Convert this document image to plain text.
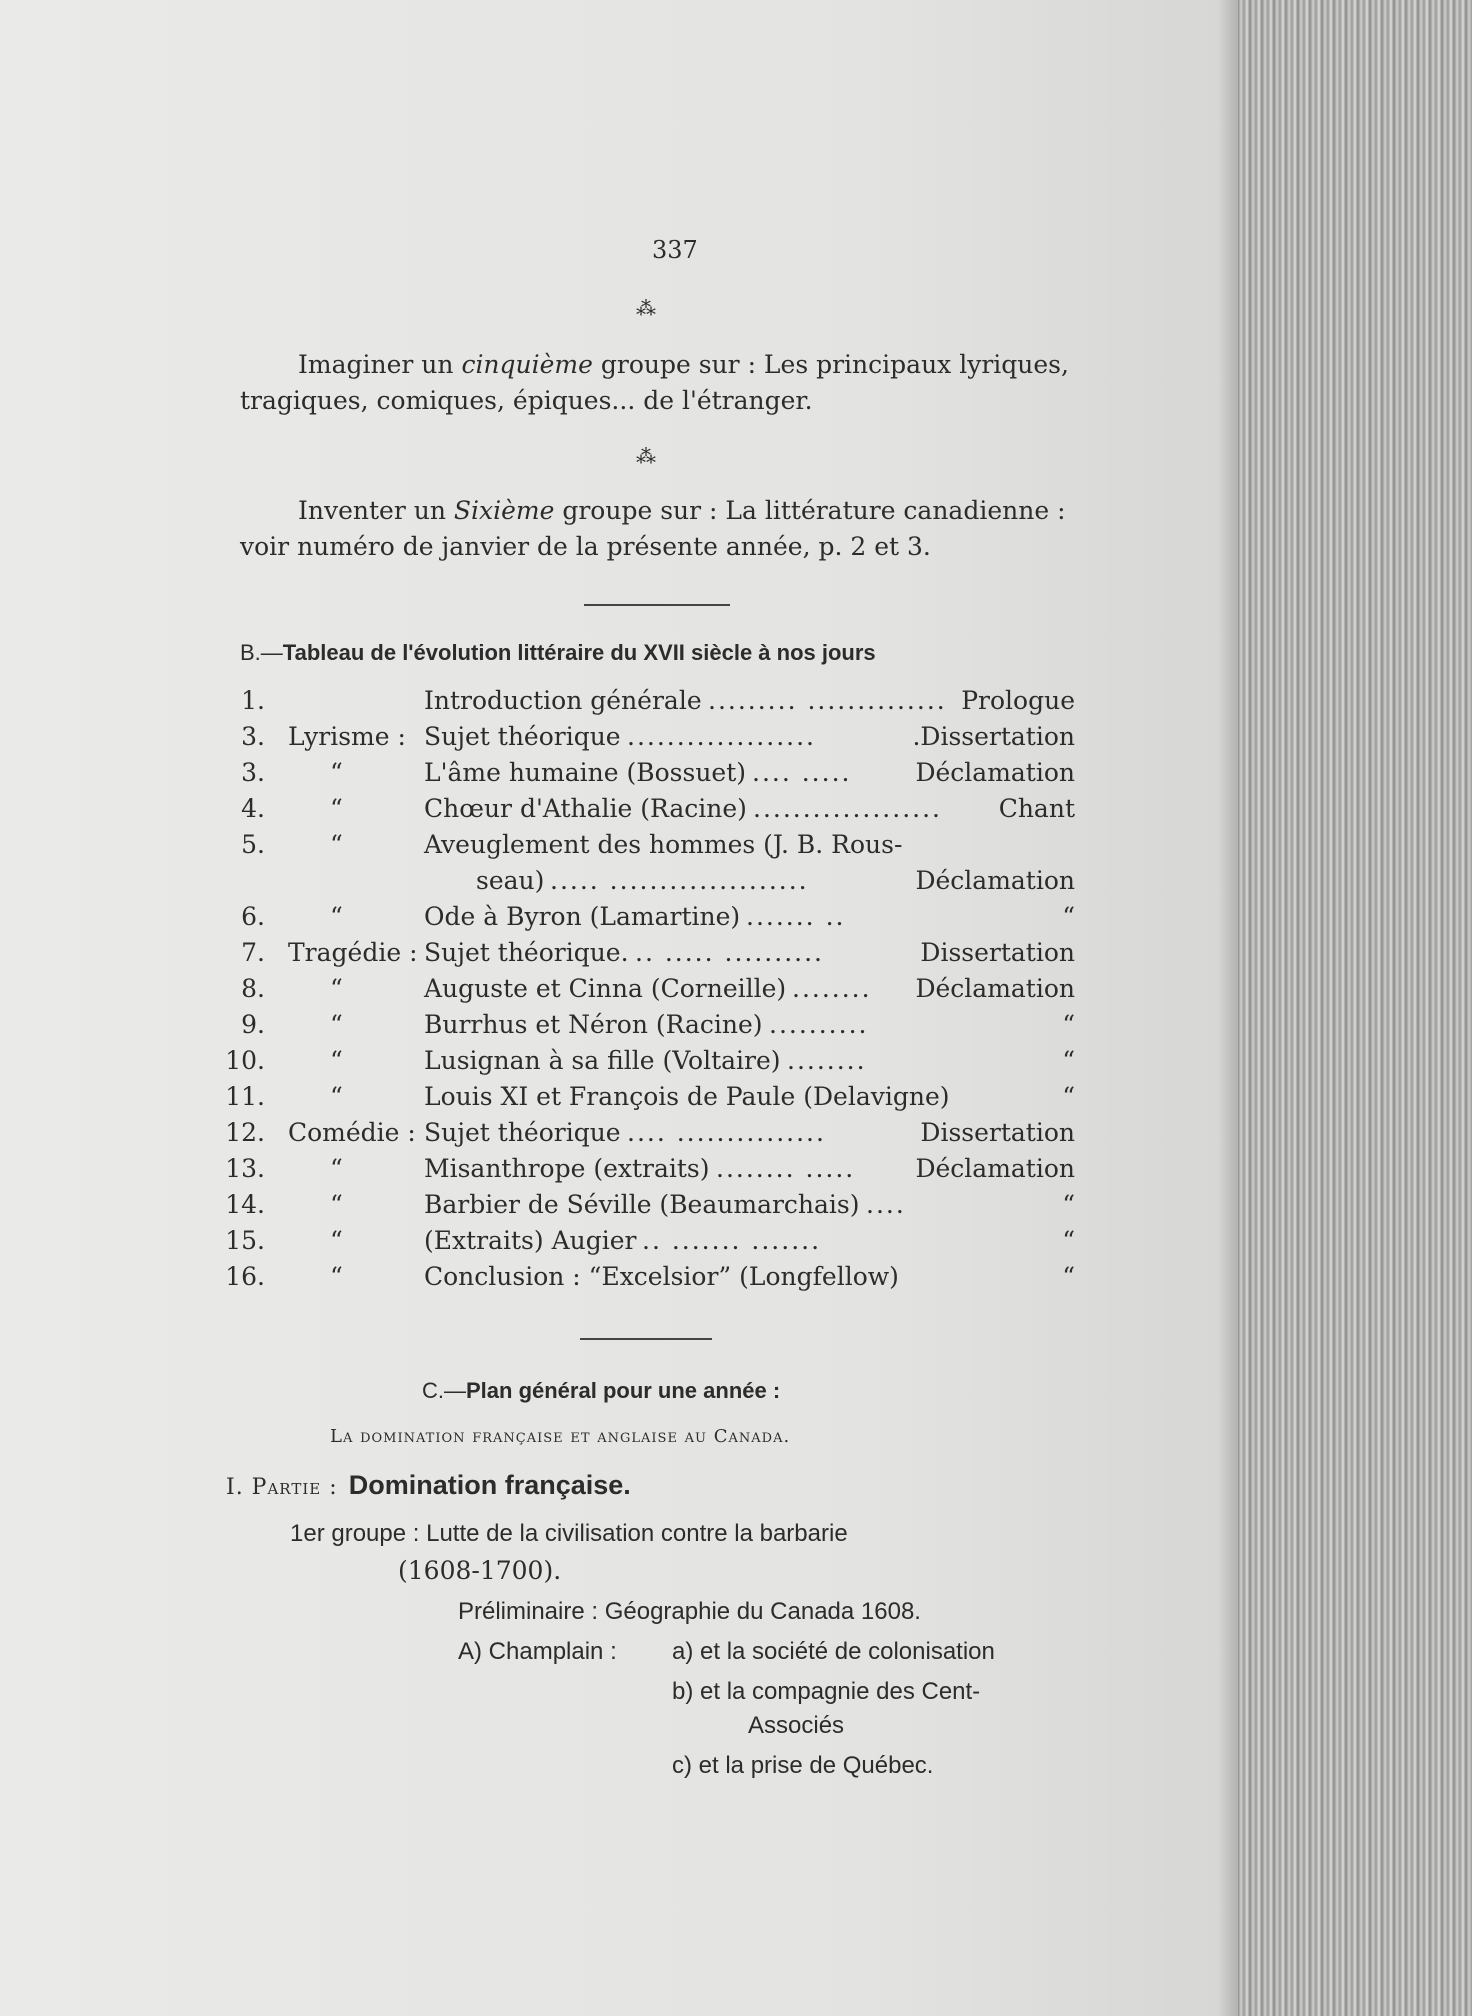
337
⁂
Imaginer un cinquième groupe sur : Les principaux lyriques,
tragiques, comiques, épiques... de l'étranger.
⁂
Inventer un Sixième groupe sur : La littérature canadienne :
voir numéro de janvier de la présente année, p. 2 et 3.
B.—Tableau de l'évolution littéraire du XVII siècle à nos jours
1.	Introduction générale ......... .............. Prologue
3. Lyrisme : Sujet théorique ...................	.Dissertation
3.	“	L'âme humaine (Bossuet) .... .....	Déclamation
4.	“	Chœur d'Athalie (Racine) ................... Chant
5.	“	Aveuglement des hommes (J. B. Rous-
seau) ..... ....................	Déclamation
6.	“	Ode à Byron (Lamartine) ....... ..	“
7. Tragédie : Sujet théorique. .. ..... ..........	Dissertation
8.	“	Auguste et Cinna (Corneille) ........ Déclamation
9.	“	Burrhus et Néron (Racine) ..........	“
10.	“	Lusignan à sa fille (Voltaire) ........	“
11.	“	Louis XI et François de Paule (Delavigne)	“
12. Comédie : Sujet théorique .... ...............	Dissertation
13.	“	Misanthrope (extraits) ........ ..... Déclamation
14.	“	Barbier de Séville (Beaumarchais) ....	“
15.	“	(Extraits) Augier .. ....... .......	“
16.	“	Conclusion : “Excelsior” (Longfellow)	“
C.—Plan général pour une année :
La domination française et anglaise au Canada.
I. Partie : Domination française.
1er groupe : Lutte de la civilisation contre la barbarie
(1608-1700).
Préliminaire : Géographie du Canada 1608.
A) Champlain : a) et la société de colonisation
b) et la compagnie des Cent-
Associés
c) et la prise de Québec.
